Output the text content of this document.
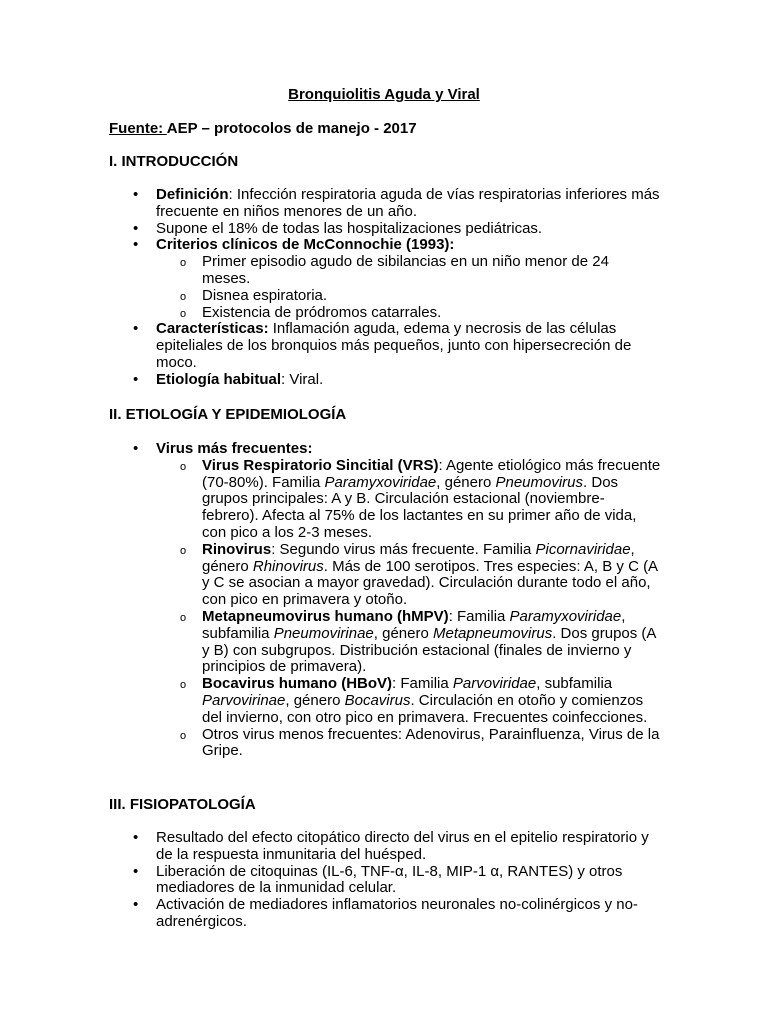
Bronquiolitis Aguda y Viral

Fuente: AEP – protocolos de manejo - 2017

I. INTRODUCCIÓN

• Definición: Infección respiratoria aguda de vías respiratorias inferiores más frecuente en niños menores de un año.
• Supone el 18% de todas las hospitalizaciones pediátricas.
• Criterios clínicos de McConnochie (1993):
o Primer episodio agudo de sibilancias en un niño menor de 24 meses.
o Disnea espiratoria.
o Existencia de pródromos catarrales.
• Características: Inflamación aguda, edema y necrosis de las células epiteliales de los bronquios más pequeños, junto con hipersecreción de moco.
• Etiología habitual: Viral.

II. ETIOLOGÍA Y EPIDEMIOLOGÍA

• Virus más frecuentes:
o Virus Respiratorio Sincitial (VRS): Agente etiológico más frecuente (70-80%). Familia Paramyxoviridae, género Pneumovirus. Dos grupos principales: A y B. Circulación estacional (noviembre-febrero). Afecta al 75% de los lactantes en su primer año de vida, con pico a los 2-3 meses.
o Rinovirus: Segundo virus más frecuente. Familia Picornaviridae, género Rhinovirus. Más de 100 serotipos. Tres especies: A, B y C (A y C se asocian a mayor gravedad). Circulación durante todo el año, con pico en primavera y otoño.
o Metapneumovirus humano (hMPV): Familia Paramyxoviridae, subfamilia Pneumovirinae, género Metapneumovirus. Dos grupos (A y B) con subgrupos. Distribución estacional (finales de invierno y principios de primavera).
o Bocavirus humano (HBoV): Familia Parvoviridae, subfamilia Parvovirinae, género Bocavirus. Circulación en otoño y comienzos del invierno, con otro pico en primavera. Frecuentes coinfecciones.
o Otros virus menos frecuentes: Adenovirus, Parainfluenza, Virus de la Gripe.

III. FISIOPATOLOGÍA

• Resultado del efecto citopático directo del virus en el epitelio respiratorio y de la respuesta inmunitaria del huésped.
• Liberación de citoquinas (IL-6, TNF-α, IL-8, MIP-1 α, RANTES) y otros mediadores de la inmunidad celular.
• Activación de mediadores inflamatorios neuronales no-colinérgicos y no-adrenérgicos.
